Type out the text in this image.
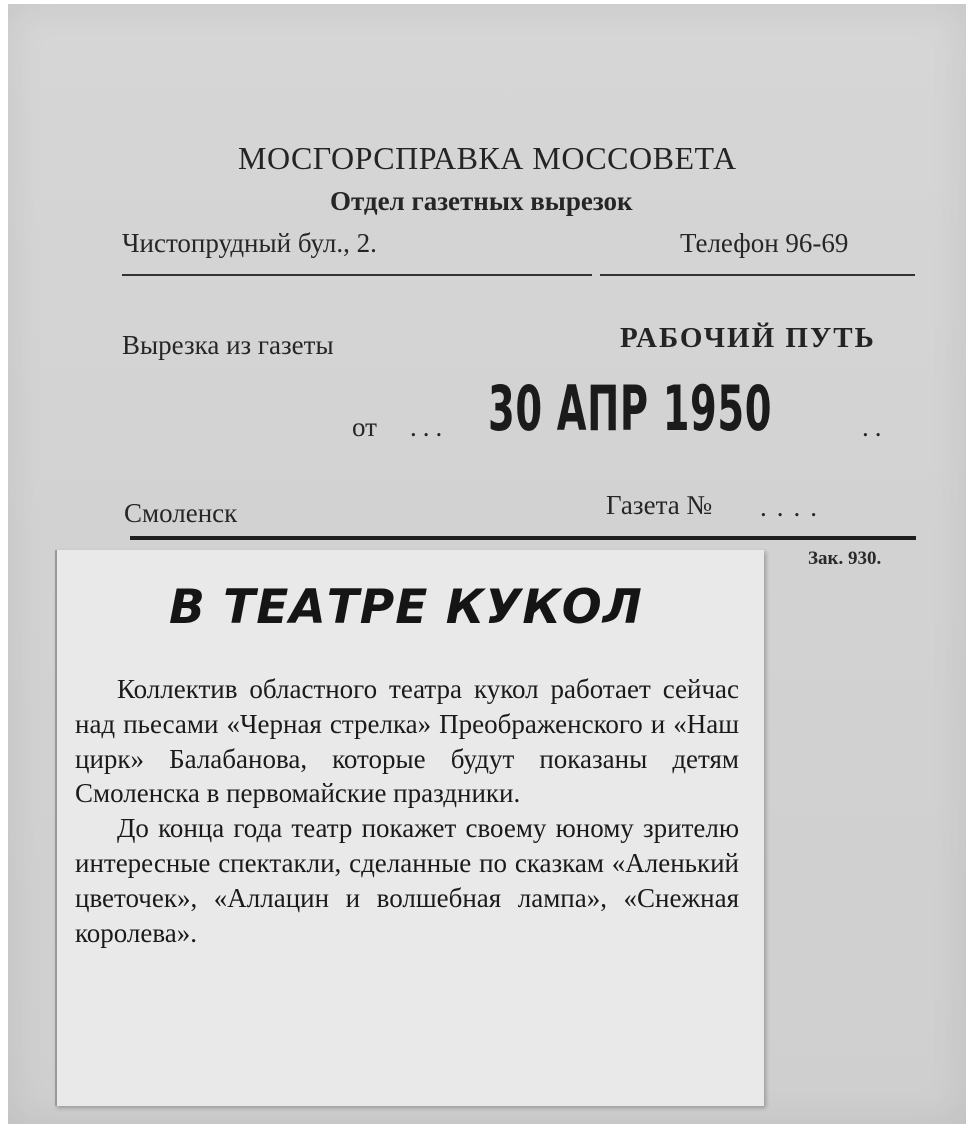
МОСГОРСПРАВКА МОССОВЕТА
Отдел газетных вырезок
Чистопрудный бул., 2.	Телефон 96-69
Вырезка из газеты	РАБОЧИЙ ПУТЬ
от ... 30 АПР 1950	..
Смоленск	Газета № ....
Зак. 930.
В ТЕАТРЕ КУКОЛ

Коллектив областного театра кукол работает сейчас над пьесами «Черная стрелка» Преображенского и «Наш цирк» Балабанова, которые будут показаны детям Смоленска в первомайские праздники.

До конца года театр покажет своему юному зрителю интересные спектакли, сделанные по сказкам «Аленький цветочек», «Аллацин и волшебная лампа», «Снежная королева».
